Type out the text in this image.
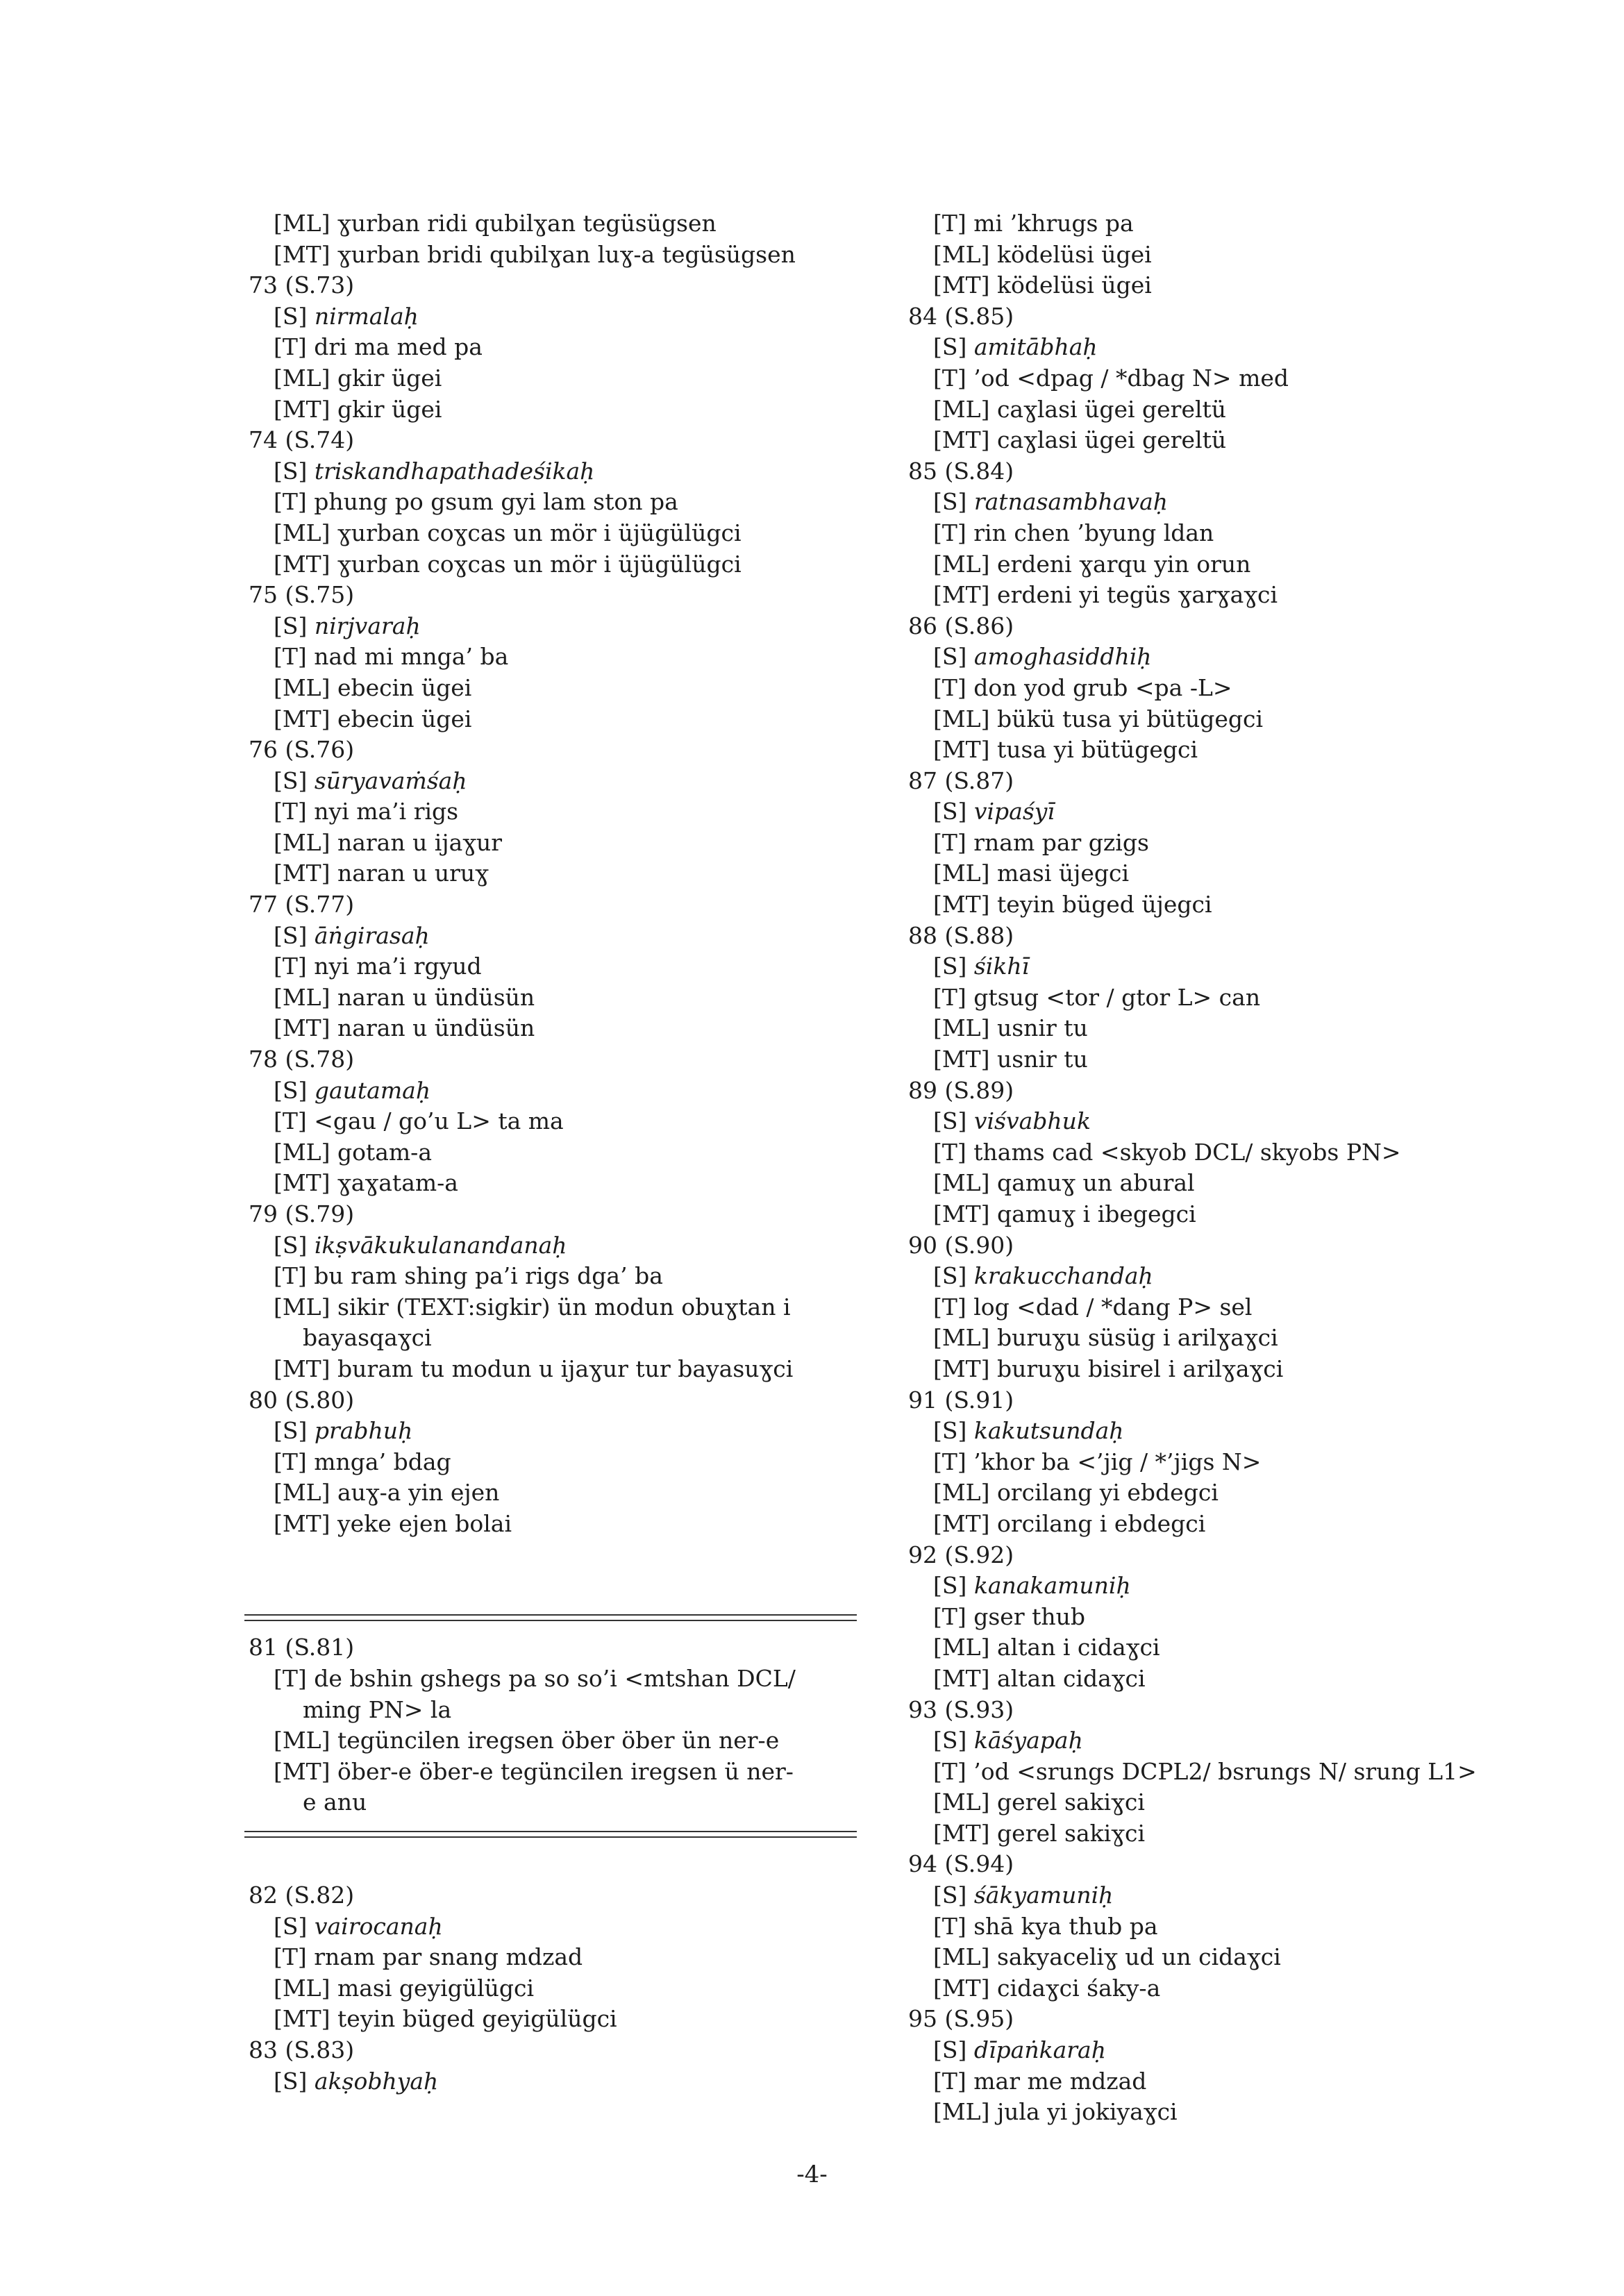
[ML] ɣurban ridi qubilɣan tegüsügsen
[MT] ɣurban bridi qubilɣan luɣ-a tegüsügsen
73 (S.73)
[S] nirmalaḥ
[T] dri ma med pa
[ML] gkir ügei
[MT] gkir ügei
74 (S.74)
[S] triskandhapathadeśikaḥ
[T] phung po gsum gyi lam ston pa
[ML] ɣurban coɣcas un mör i üjügülügci
[MT] ɣurban coɣcas un mör i üjügülügci
75 (S.75)
[S] nirjvaraḥ
[T] nad mi mnga’ ba
[ML] ebecin ügei
[MT] ebecin ügei
76 (S.76)
[S] sūryavaṁśaḥ
[T] nyi ma’i rigs
[ML] naran u ijaɣur
[MT] naran u uruɣ
77 (S.77)
[S] āṅgirasaḥ
[T] nyi ma’i rgyud
[ML] naran u ündüsün
[MT] naran u ündüsün
78 (S.78)
[S] gautamaḥ
[T] <gau / go’u L> ta ma
[ML] gotam-a
[MT] ɣaɣatam-a
79 (S.79)
[S] ikṣvākukulanandanaḥ
[T] bu ram shing pa’i rigs dga’ ba
[ML] sikir (TEXT:sigkir) ün modun obuɣtan i
bayasqaɣci
[MT] buram tu modun u ijaɣur tur bayasuɣci
80 (S.80)
[S] prabhuḥ
[T] mnga’ bdag
[ML] auɣ-a yin ejen
[MT] yeke ejen bolai
81 (S.81)
[T] de bshin gshegs pa so so’i <mtshan DCL/
ming PN> la
[ML] tegüncilen iregsen öber öber ün ner-e
[MT] öber-e öber-e tegüncilen iregsen ü ner-
e anu
82 (S.82)
[S] vairocanaḥ
[T] rnam par snang mdzad
[ML] masi geyigülügci
[MT] teyin büged geyigülügci
83 (S.83)
[S] akṣobhyaḥ
[T] mi ’khrugs pa
[ML] ködelüsi ügei
[MT] ködelüsi ügei
84 (S.85)
[S] amitābhaḥ
[T] ’od <dpag / *dbag N> med
[ML] caɣlasi ügei gereltü
[MT] caɣlasi ügei gereltü
85 (S.84)
[S] ratnasambhavaḥ
[T] rin chen ’byung ldan
[ML] erdeni ɣarqu yin orun
[MT] erdeni yi tegüs ɣarɣaɣci
86 (S.86)
[S] amoghasiddhiḥ
[T] don yod grub <pa -L>
[ML] bükü tusa yi bütügegci
[MT] tusa yi bütügegci
87 (S.87)
[S] vipaśyī
[T] rnam par gzigs
[ML] masi üjegci
[MT] teyin büged üjegci
88 (S.88)
[S] śikhī
[T] gtsug <tor / gtor L> can
[ML] usnir tu
[MT] usnir tu
89 (S.89)
[S] viśvabhuk
[T] thams cad <skyob DCL/ skyobs PN>
[ML] qamuɣ un abural
[MT] qamuɣ i ibegegci
90 (S.90)
[S] krakucchandaḥ
[T] log <dad / *dang P> sel
[ML] buruɣu süsüg i arilɣaɣci
[MT] buruɣu bisirel i arilɣaɣci
91 (S.91)
[S] kakutsundaḥ
[T] ’khor ba <’jig / *’jigs N>
[ML] orcilang yi ebdegci
[MT] orcilang i ebdegci
92 (S.92)
[S] kanakamuniḥ
[T] gser thub
[ML] altan i cidaɣci
[MT] altan cidaɣci
93 (S.93)
[S] kāśyapaḥ
[T] ’od <srungs DCPL2/ bsrungs N/ srung L1>
[ML] gerel sakiɣci
[MT] gerel sakiɣci
94 (S.94)
[S] śākyamuniḥ
[T] shā kya thub pa
[ML] sakyaceliɣ ud un cidaɣci
[MT] cidaɣci śaky-a
95 (S.95)
[S] dīpaṅkaraḥ
[T] mar me mdzad
[ML] jula yi jokiyaɣci
-4-
